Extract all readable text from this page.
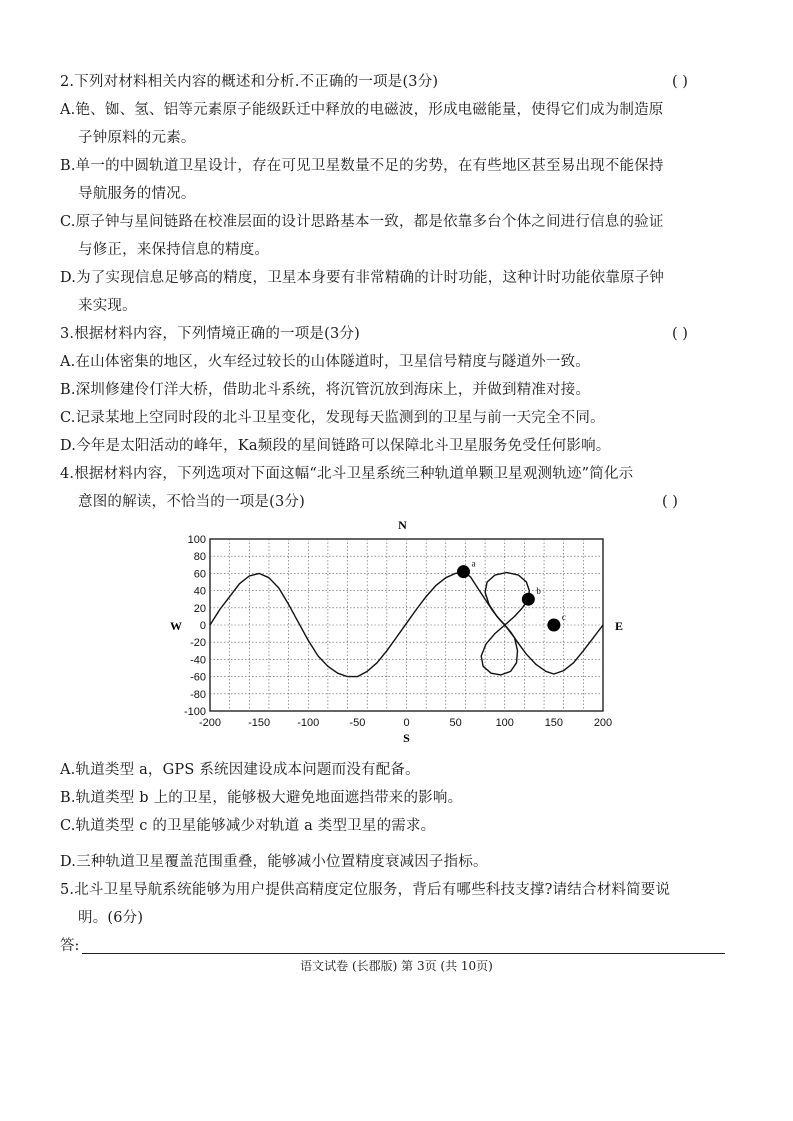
2.下列对材料相关内容的概述和分析.不正确的一项是(3分)	( )
A.铯、铷、氢、铝等元素原子能级跃迁中释放的电磁波，形成电磁能量，使得它们成为制造原
子钟原料的元素。
B.单一的中圆轨道卫星设计，存在可见卫星数量不足的劣势，在有些地区甚至易出现不能保持
导航服务的情况。
C.原子钟与星间链路在校准层面的设计思路基本一致，都是依靠多台个体之间进行信息的验证
与修正，来保持信息的精度。
D.为了实现信息足够高的精度，卫星本身要有非常精确的计时功能，这种计时功能依靠原子钟
来实现。
3.根据材料内容，下列情境正确的一项是(3分)	( )
A.在山体密集的地区，火车经过较长的山体隧道时，卫星信号精度与隧道外一致。
B.深圳修建伶仃洋大桥，借助北斗系统，将沉管沉放到海床上，并做到精准对接。
C.记录某地上空同时段的北斗卫星变化，发现每天监测到的卫星与前一天完全不同。
D.今年是太阳活动的峰年，Ka频段的星间链路可以保障北斗卫星服务免受任何影响。
4.根据材料内容，下列选项对下面这幅“北斗卫星系统三种轨道单颗卫星观测轨迹”简化示
意图的解读，不恰当的一项是(3分)	( )
-100
-80
-60
-40
-20
0
20
40
60
80
100
-200 -150 -100	-50	0	50	100	150	200
N
S
W	E
a
b
c
A.轨道类型 a，GPS 系统因建设成本问题而没有配备。
B.轨道类型 b 上的卫星，能够极大避免地面遮挡带来的影响。
C.轨道类型 c 的卫星能够减少对轨道 a 类型卫星的需求。
D.三种轨道卫星覆盖范围重叠，能够减小位置精度衰减因子指标。
5.北斗卫星导航系统能够为用户提供高精度定位服务，背后有哪些科技支撑?请结合材料简要说
明。(6分)
答:
语文试卷 (长郡版) 第 3页 (共 10页)
